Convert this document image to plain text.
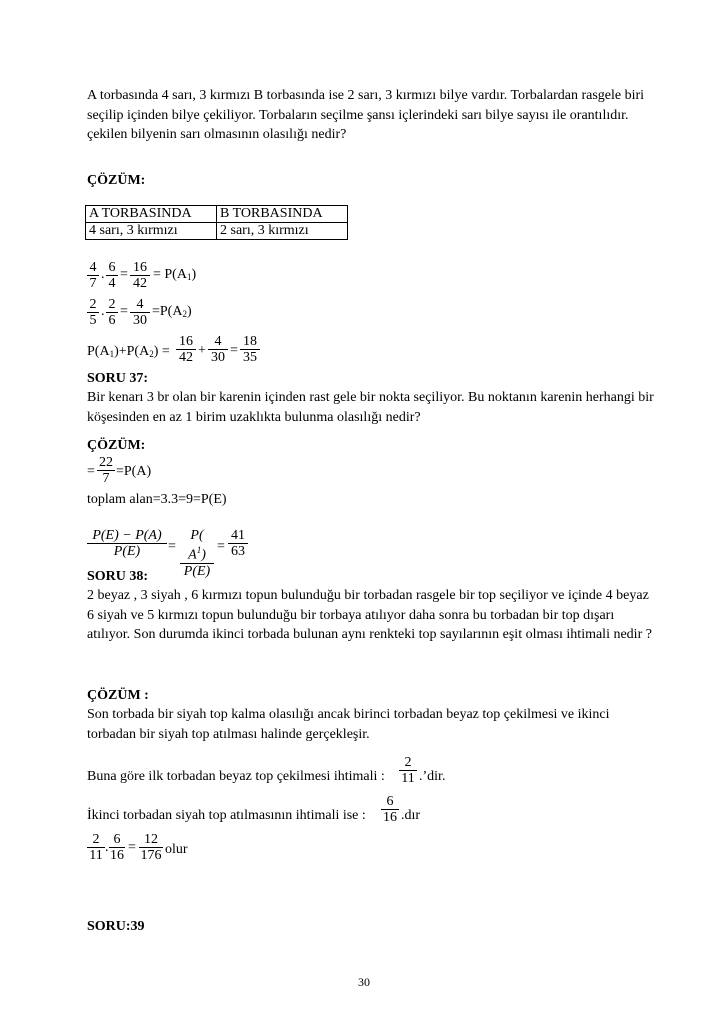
A torbasında 4 sarı, 3 kırmızı B torbasında ise 2 sarı, 3 kırmızı bilye vardır. Torbalardan rasgele biri seçilip içinden bilye çekiliyor. Torbaların seçilme şansı içlerindeki sarı bilye sayısı ile orantılıdır. çekilen bilyenin sarı olmasının olasılığı nedir?
ÇÖZÜM:
A TORBASINDA	B TORBASINDA
4 sarı, 3 kırmızı	2 sarı, 3 kırmızı
$\frac{4}{7}$ . $\frac{6}{4} = \frac{16}{42} = P(A_1)$
$\frac{2}{5}$ . $\frac{2}{6} = \frac{4}{30} =P(A_2)$
$P(A_1)+P(A_2) = \frac{16}{42} + \frac{4}{30} = \frac{18}{35}$
SORU 37:
Bir kenarı 3 br olan bir karenin içinden rast gele bir nokta seçiliyor. Bu noktanın karenin herhangi bir köşesinden en az 1 birim uzaklıkta bulunma olasılığı nedir?
ÇÖZÜM:
= $\frac{22}{7} =P(A)$
toplam alan=3.3=9=P(E)
$\frac{P(E) - P(A)}{P(E)} = \frac{P( A^1)}{P(E)} = \frac{41}{63}$
SORU 38:
2 beyaz , 3 siyah , 6 kırmızı topun bulunduğu bir torbadan rasgele bir top seçiliyor ve içinde 4 beyaz 6 siyah ve 5 kırmızı topun bulunduğu bir torbaya atılıyor daha sonra bu torbadan bir top dışarı atılıyor. Son durumda ikinci torbada bulunan aynı renkteki top sayılarının eşit olması ihtimali nedir ?
ÇÖZÜM :
Son torbada bir siyah top kalma olasılığı ancak birinci torbadan beyaz top çekilmesi ve ikinci torbadan bir siyah top atılması halinde gerçekleşir.
Buna göre ilk torbadan beyaz top çekilmesi ihtimali : $\frac{2}{11}$ .’dir.
İkinci torbadan siyah top atılmasının ihtimali ise : $\frac{6}{16}$ .dır
$\frac{2}{11}$ . $\frac{6}{16} = \frac{12}{176}$ olur
SORU:39
30
